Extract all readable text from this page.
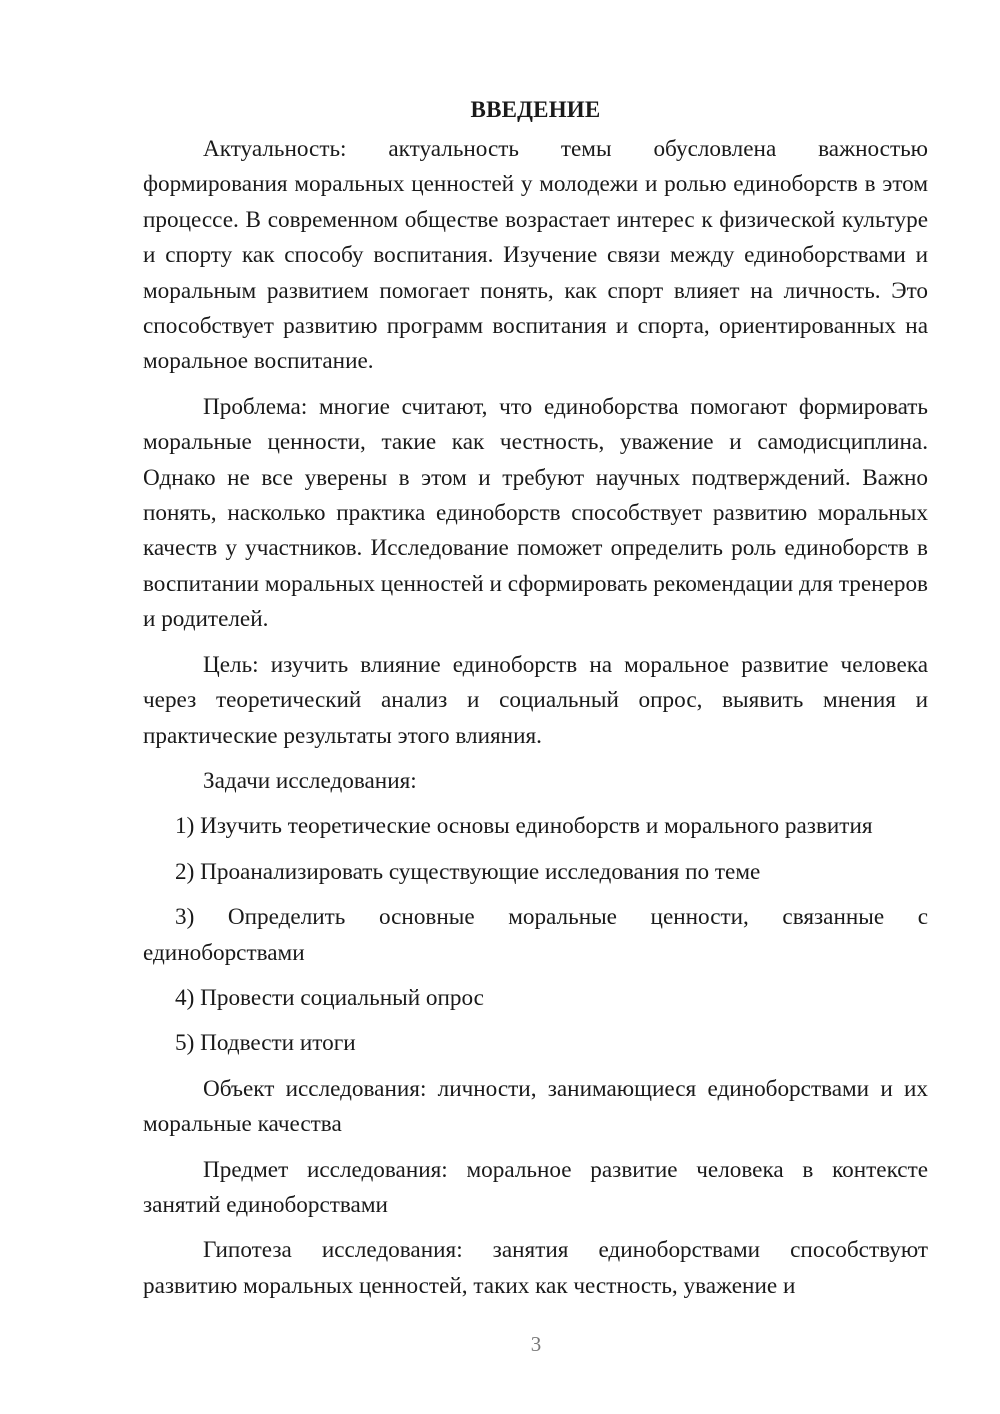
ВВЕДЕНИЕ

Актуальность: актуальность темы обусловлена важностью формирования моральных ценностей у молодежи и ролью единоборств в этом процессе. В современном обществе возрастает интерес к физической культуре и спорту как способу воспитания. Изучение связи между единоборствами и моральным развитием помогает понять, как спорт влияет на личность. Это способствует развитию программ воспитания и спорта, ориентированных на моральное воспитание.

Проблема: многие считают, что единоборства помогают формировать моральные ценности, такие как честность, уважение и самодисциплина. Однако не все уверены в этом и требуют научных подтверждений. Важно понять, насколько практика единоборств способствует развитию моральных качеств у участников. Исследование поможет определить роль единоборств в воспитании моральных ценностей и сформировать рекомендации для тренеров и родителей.

Цель: изучить влияние единоборств на моральное развитие человека через теоретический анализ и социальный опрос, выявить мнения и практические результаты этого влияния.

Задачи исследования:

1) Изучить теоретические основы единоборств и морального развития

2) Проанализировать существующие исследования по теме

3) Определить основные моральные ценности, связанные с единоборствами

4) Провести социальный опрос

5) Подвести итоги

Объект исследования: личности, занимающиеся единоборствами и их моральные качества

Предмет исследования: моральное развитие человека в контексте занятий единоборствами

Гипотеза исследования: занятия единоборствами способствуют развитию моральных ценностей, таких как честность, уважение и

3
